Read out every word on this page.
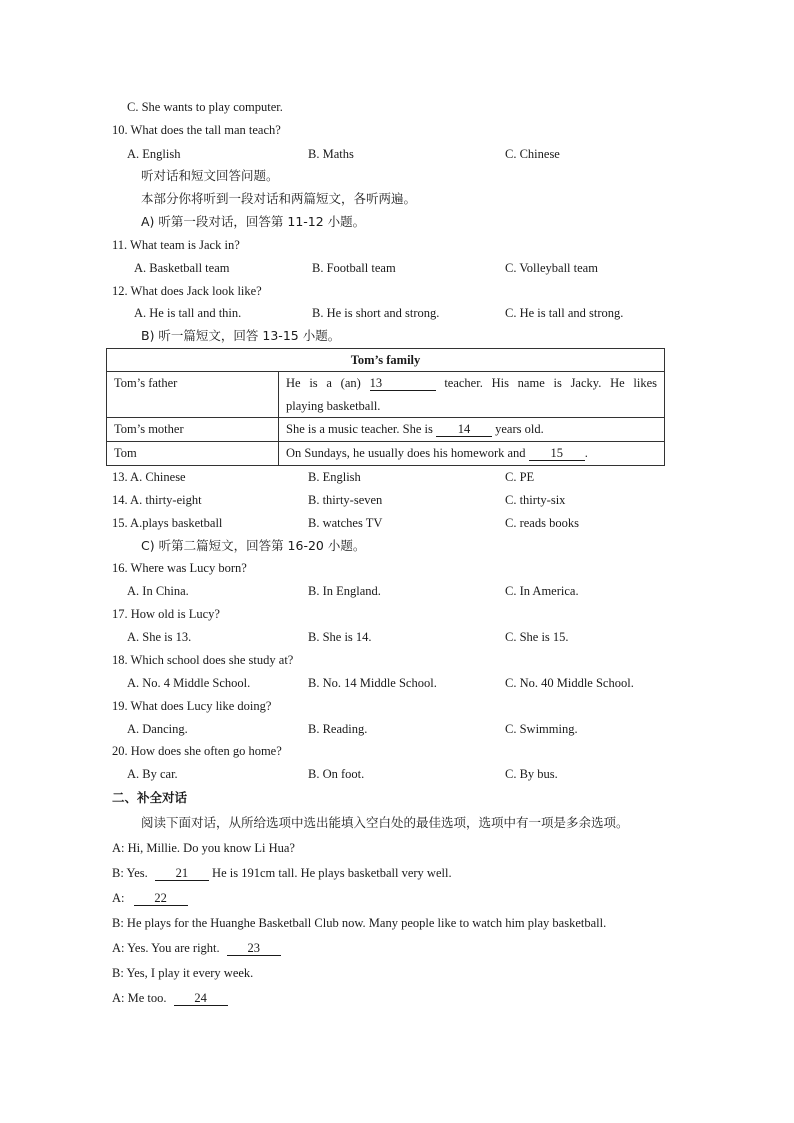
C. She wants to play computer.
10. What does the tall man teach?
A. English	B. Maths	C. Chinese
听对话和短文回答问题。
本部分你将听到一段对话和两篇短文，各听两遍。
A) 听第一段对话，回答第 11-12 小题。
11. What team is Jack in?
A. Basketball team	B. Football team	C. Volleyball team
12. What does Jack look like?
A. He is tall and thin.	B. He is short and strong.	C. He is tall and strong.
B) 听一篇短文，回答 13-15 小题。
Tom’s family	
Tom’s father	He is a (an) 13 teacher. His name is Jacky. He likes
playing basketball.

Tom’s mother	She is a music teacher. She is 14 years old.
Tom	On Sundays, he usually does his homework and 15 .
13. A. Chinese	B. English	C. PE
14. A. thirty-eight	B. thirty-seven	C. thirty-six
15. A.plays basketball	B. watches TV	C. reads books
C) 听第二篇短文，回答第 16-20 小题。
16. Where was Lucy born?
A. In China.	B. In England.	C. In America.
17. How old is Lucy?
A. She is 13.	B. She is 14.	C. She is 15.
18. Which school does she study at?
A. No. 4 Middle School.	B. No. 14 Middle School.	C. No. 40 Middle School.
19. What does Lucy like doing?
A. Dancing.	B. Reading.	C. Swimming.
20. How does she often go home?
A. By car.	B. On foot.	C. By bus.
二、补全对话
阅读下面对话，从所给选项中选出能填入空白处的最佳选项，选项中有一项是多余选项。
A: Hi, Millie. Do you know Li Hua?
B: Yes. 21 He is 191cm tall. He plays basketball very well.
A: 22
B: He plays for the Huanghe Basketball Club now. Many people like to watch him play basketball.
A: Yes. You are right. 23
B: Yes, I play it every week.
A: Me too. 24
